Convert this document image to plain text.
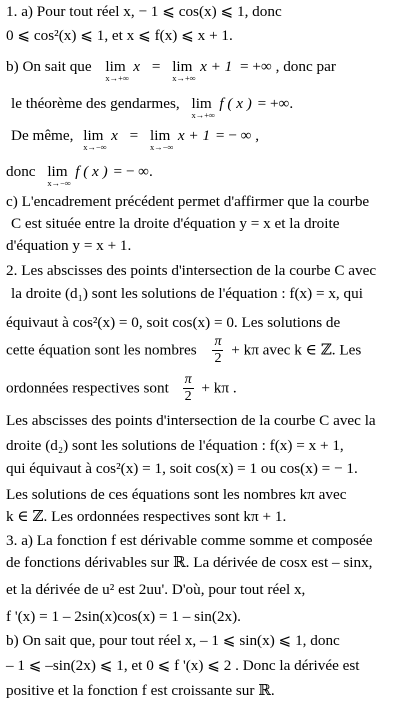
1. a) Pour tout réel x, − 1 ⩽ cos(x) ⩽ 1, donc
0 ⩽ cos²(x) ⩽ 1, et x ⩽ f(x) ⩽ x + 1.
b) On sait que lim x
x→+∞
= lim x + 1
x→+∞
= +∞ , donc par
le théorème des gendarmes, lim f ( x )
x→+∞
= +∞.
De même, lim x
x→−∞
= lim x + 1
x→−∞
= − ∞ ,
donc lim f ( x )
x→−∞
= − ∞.
c) L'encadrement précédent permet d'affirmer que la courbe
C est située entre la droite d'équation y = x et la droite
d'équation y = x + 1.
2. Les abscisses des points d'intersection de la courbe C avec
la droite (d₁) sont les solutions de l'équation : f(x) = x, qui
équivaut à cos²(x) = 0, soit cos(x) = 0. Les solutions de
cette équation sont les nombres $\frac{\pi}{2} + k\pi$ avec k ∈ ℤ. Les
ordonnées respectives sont $\frac{\pi}{2} + k\pi$ .
Les abscisses des points d'intersection de la courbe C avec la
droite (d₂) sont les solutions de l'équation : f(x) = x + 1,
qui équivaut à cos²(x) = 1, soit cos(x) = 1 ou cos(x) = − 1.
Les solutions de ces équations sont les nombres kπ avec
k ∈ ℤ. Les ordonnées respectives sont kπ + 1.
3. a) La fonction f est dérivable comme somme et composée
de fonctions dérivables sur ℝ. La dérivée de cosx est – sinx,
et la dérivée de u² est 2uu'. D'où, pour tout réel x,
f '(x) = 1 – 2sin(x)cos(x) = 1 – sin(2x).
b) On sait que, pour tout réel x, – 1 ⩽ sin(x) ⩽ 1, donc
– 1 ⩽ –sin(2x) ⩽ 1, et 0 ⩽ f '(x) ⩽ 2 . Donc la dérivée est
positive et la fonction f est croissante sur ℝ.
